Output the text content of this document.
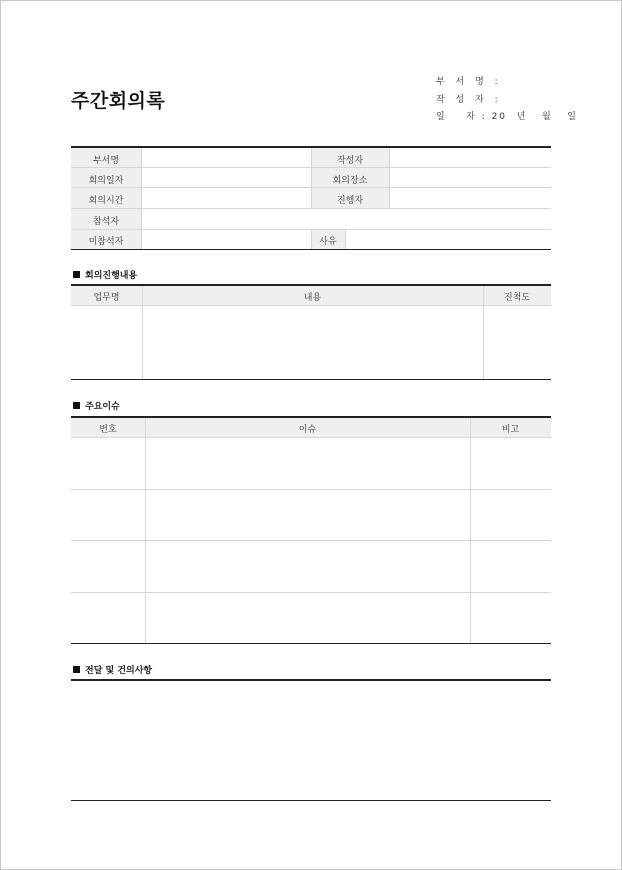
주간회의록
부 서 명 :
작 성 자 :
일    자 : 20  년   월   일
부서명	작성자
회의일자	회의장소
회의시간	진행자
참석자
미참석자	사유
회의진행내용
업무명	내용	진척도
주요이슈
번호	이슈	비고
전달 및 건의사항
